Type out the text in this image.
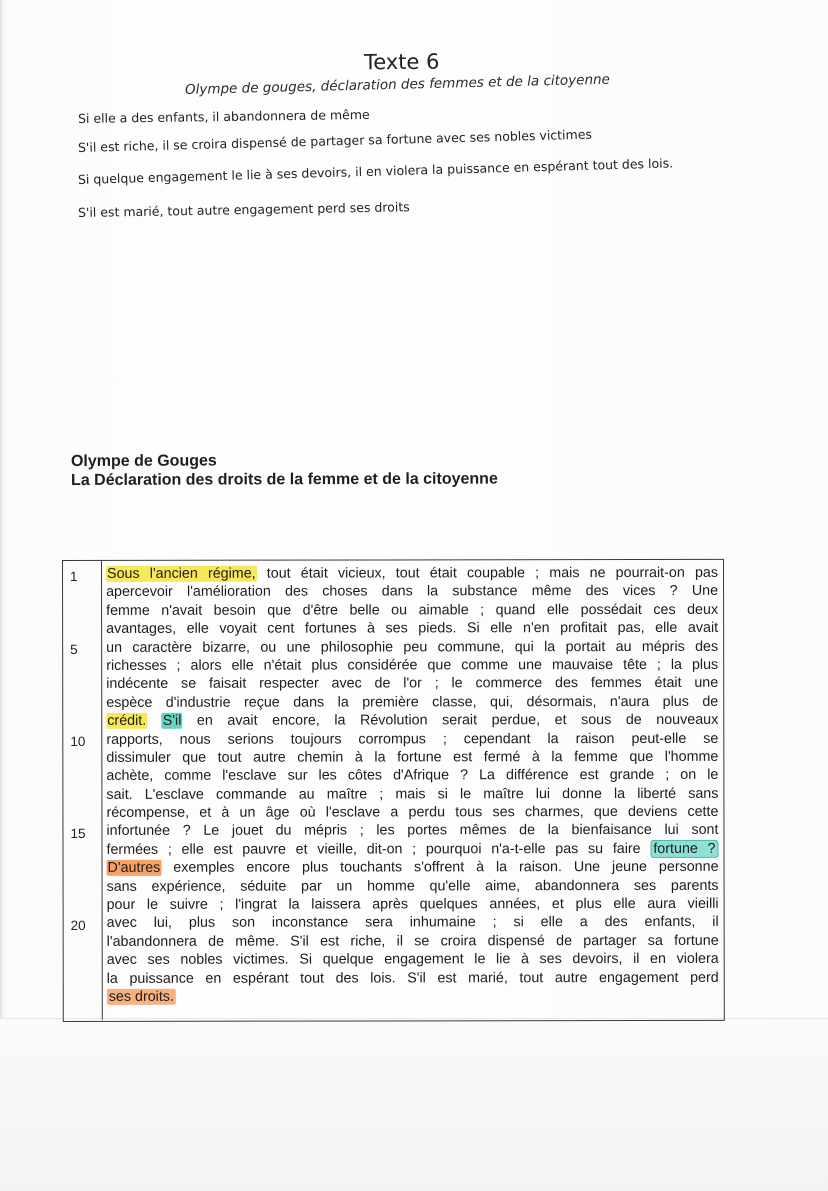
Texte 6
Olympe de gouges, déclaration des femmes et de la citoyenne
Si elle a des enfants, il abandonnera de même
S'il est riche, il se croira dispensé de partager sa fortune avec ses nobles victimes
Si quelque engagement le lie à ses devoirs, il en violera la puissance en espérant tout des lois.
S'il est marié, tout autre engagement perd ses droits
Olympe de Gouges
La Déclaration des droits de la femme et de la citoyenne
1
5
10
15
20
Sous l'ancien régime, tout était vicieux, tout était coupable ; mais ne pourrait-on pas
apercevoir l'amélioration des choses dans la substance même des vices ? Une
femme n'avait besoin que d'être belle ou aimable ; quand elle possédait ces deux
avantages, elle voyait cent fortunes à ses pieds. Si elle n'en profitait pas, elle avait
un caractère bizarre, ou une philosophie peu commune, qui la portait au mépris des
richesses ; alors elle n'était plus considérée que comme une mauvaise tête ; la plus
indécente se faisait respecter avec de l'or ; le commerce des femmes était une
espèce d'industrie reçue dans la première classe, qui, désormais, n'aura plus de
crédit. S'il en avait encore, la Révolution serait perdue, et sous de nouveaux
rapports, nous serions toujours corrompus ; cependant la raison peut-elle se
dissimuler que tout autre chemin à la fortune est fermé à la femme que l'homme
achète, comme l'esclave sur les côtes d'Afrique ? La différence est grande ; on le
sait. L'esclave commande au maître ; mais si le maître lui donne la liberté sans
récompense, et à un âge où l'esclave a perdu tous ses charmes, que deviens cette
infortunée ? Le jouet du mépris ; les portes mêmes de la bienfaisance lui sont
fermées ; elle est pauvre et vieille, dit-on ; pourquoi n'a-t-elle pas su faire fortune ?
D'autres exemples encore plus touchants s'offrent à la raison. Une jeune personne
sans expérience, séduite par un homme qu'elle aime, abandonnera ses parents
pour le suivre ; l'ingrat la laissera après quelques années, et plus elle aura vieilli
avec lui, plus son inconstance sera inhumaine ; si elle a des enfants, il
l'abandonnera de même. S'il est riche, il se croira dispensé de partager sa fortune
avec ses nobles victimes. Si quelque engagement le lie à ses devoirs, il en violera
la puissance en espérant tout des lois. S'il est marié, tout autre engagement perd
ses droits.
